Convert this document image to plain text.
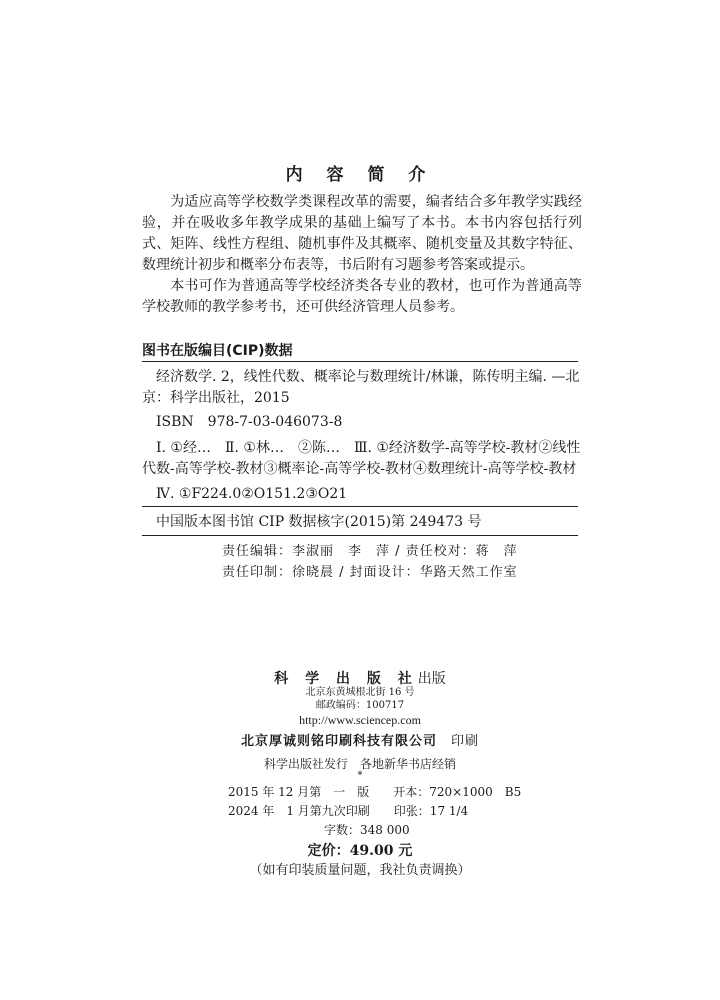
内 容 简 介
为适应高等学校数学类课程改革的需要，编者结合多年教学实践经验，并在吸收多年教学成果的基础上编写了本书。本书内容包括行列式、矩阵、线性方程组、随机事件及其概率、随机变量及其数字特征、数理统计初步和概率分布表等，书后附有习题参考答案或提示。
本书可作为普通高等学校经济类各专业的教材，也可作为普通高等学校教师的教学参考书，还可供经济管理人员参考。
图书在版编目(CIP)数据
经济数学. 2，线性代数、概率论与数理统计/林谦，陈传明主编. —北京：科学出版社，2015
ISBN　978-7-03-046073-8
Ⅰ. ①经…　Ⅱ. ①林…　②陈…　Ⅲ. ①经济数学-高等学校-教材②线性代数-高等学校-教材③概率论-高等学校-教材④数理统计-高等学校-教材
Ⅳ. ①F224.0②O151.2③O21
中国版本图书馆 CIP 数据核字(2015)第 249473 号
责任编辑：李淑丽　李　萍 / 责任校对：蒋　萍
责任印制：徐晓晨 / 封面设计：华路天然工作室
科 学 出 版 社出版
北京东黄城根北街 16 号
邮政编码：100717
http://www.sciencep.com
北京厚诚则铭印刷科技有限公司　 印刷
科学出版社发行　各地新华书店经销
*
2015 年 12 月第　一　版　　开本：720×1000　B5
2024 年　1 月第九次印刷　　印张：17 1/4
　　　　　　　　字数：348 000
定价：49.00 元
（如有印装质量问题，我社负责调换）
